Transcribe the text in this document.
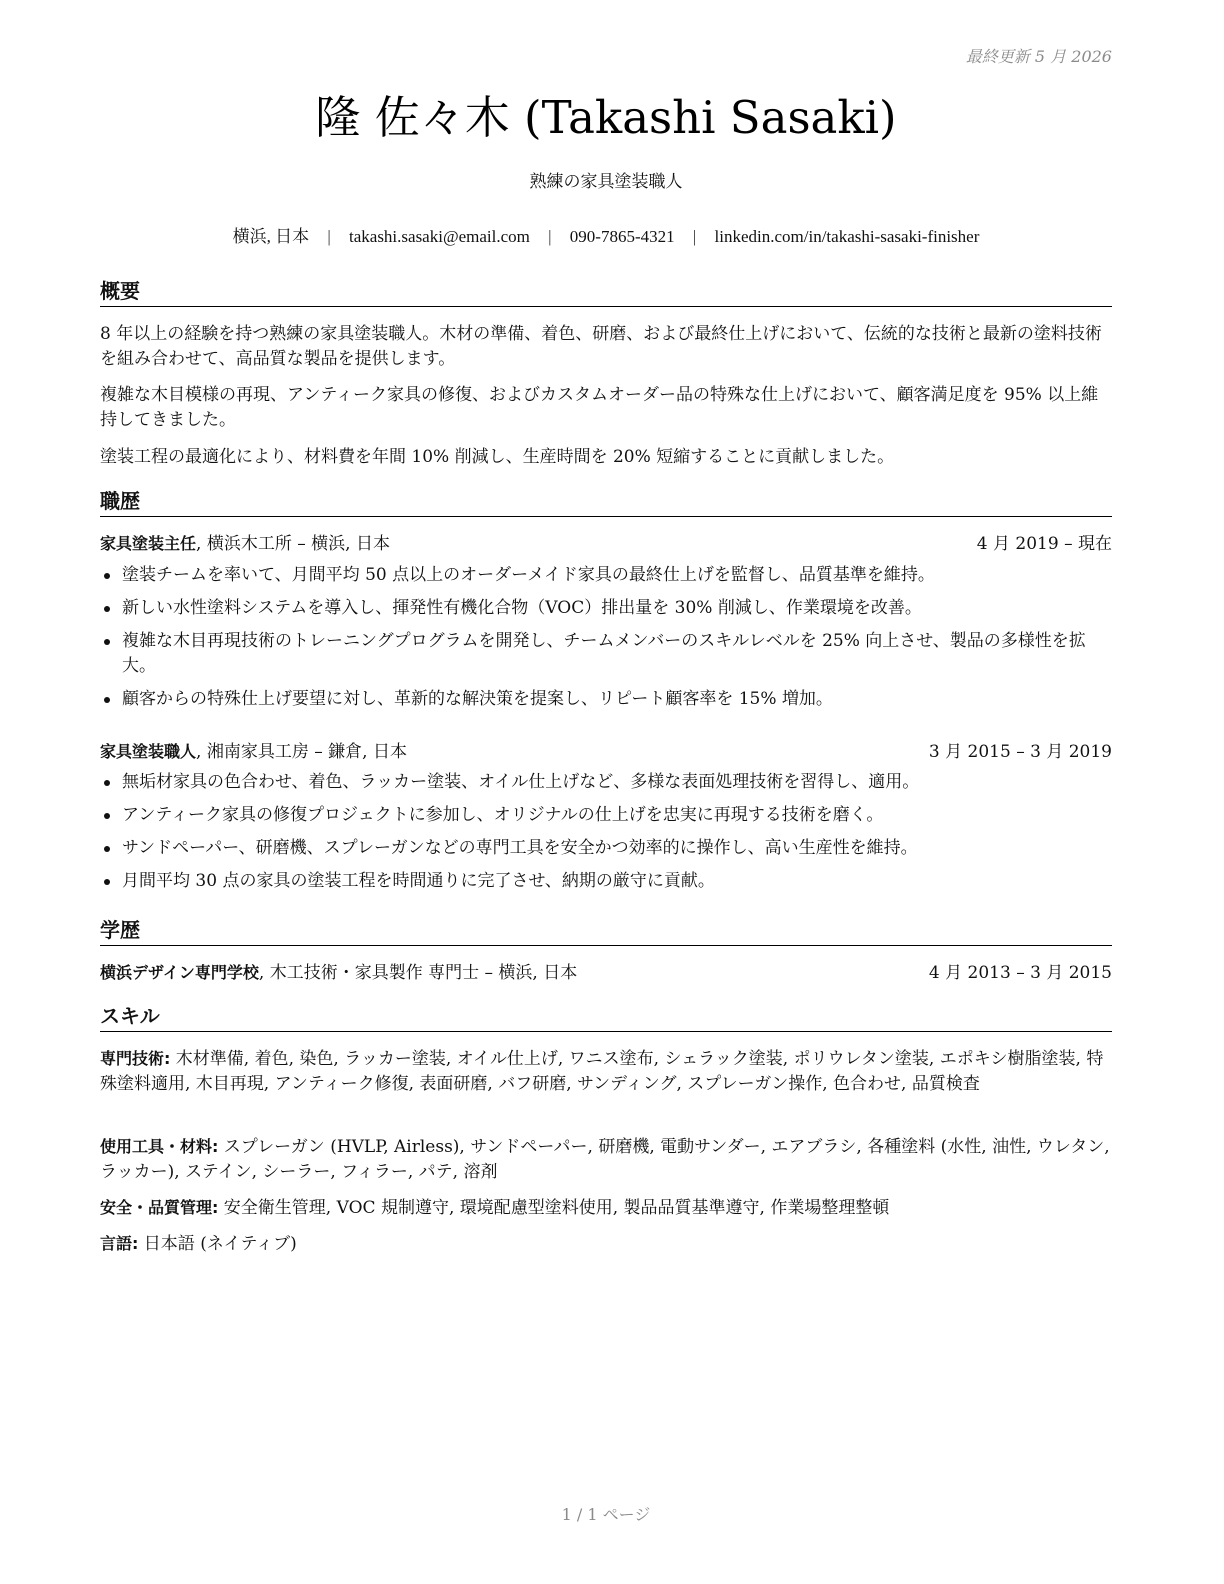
最終更新 5 月 2026
隆 佐々木 (Takashi Sasaki)
熟練の家具塗装職人
横浜, 日本 | takashi.sasaki@email.com | 090-7865-4321 | linkedin.com/in/takashi-sasaki-finisher
概要
8 年以上の経験を持つ熟練の家具塗装職人。木材の準備、着色、研磨、および最終仕上げにおいて、伝統的な技術と最新の塗料技術を組み合わせて、高品質な製品を提供します。
複雑な木目模様の再現、アンティーク家具の修復、およびカスタムオーダー品の特殊な仕上げにおいて、顧客満足度を 95% 以上維持してきました。
塗装工程の最適化により、材料費を年間 10% 削減し、生産時間を 20% 短縮することに貢献しました。
職歴
家具塗装主任, 横浜木工所 – 横浜, 日本	4 月 2019 – 現在
塗装チームを率いて、月間平均 50 点以上のオーダーメイド家具の最終仕上げを監督し、品質基準を維持。
新しい水性塗料システムを導入し、揮発性有機化合物（VOC）排出量を 30% 削減し、作業環境を改善。
複雑な木目再現技術のトレーニングプログラムを開発し、チームメンバーのスキルレベルを 25% 向上させ、製品の多様性を拡大。
顧客からの特殊仕上げ要望に対し、革新的な解決策を提案し、リピート顧客率を 15% 増加。
家具塗装職人, 湘南家具工房 – 鎌倉, 日本	3 月 2015 – 3 月 2019
無垢材家具の色合わせ、着色、ラッカー塗装、オイル仕上げなど、多様な表面処理技術を習得し、適用。
アンティーク家具の修復プロジェクトに参加し、オリジナルの仕上げを忠実に再現する技術を磨く。
サンドペーパー、研磨機、スプレーガンなどの専門工具を安全かつ効率的に操作し、高い生産性を維持。
月間平均 30 点の家具の塗装工程を時間通りに完了させ、納期の厳守に貢献。
学歴
横浜デザイン専門学校, 木工技術・家具製作 専門士 – 横浜, 日本	4 月 2013 – 3 月 2015
スキル
専門技術: 木材準備, 着色, 染色, ラッカー塗装, オイル仕上げ, ワニス塗布, シェラック塗装, ポリウレタン塗装, エポキシ樹脂塗装, 特殊塗料適用, 木目再現, アンティーク修復, 表面研磨, バフ研磨, サンディング, スプレーガン操作, 色合わせ, 品質検査
使用工具・材料: スプレーガン (HVLP, Airless), サンドペーパー, 研磨機, 電動サンダー, エアブラシ, 各種塗料 (水性, 油性, ウレタン, ラッカー), ステイン, シーラー, フィラー, パテ, 溶剤
安全・品質管理: 安全衛生管理, VOC 規制遵守, 環境配慮型塗料使用, 製品品質基準遵守, 作業場整理整頓
言語: 日本語 (ネイティブ)
1 / 1 ページ
